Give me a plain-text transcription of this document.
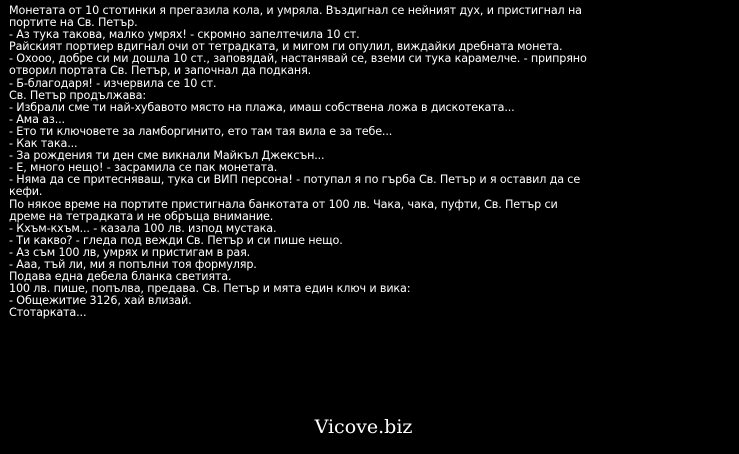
Монетата от 10 стотинки я прегазила кола, и умряла. Въздигнал се нейният дух, и пристигнал на портите на Св. Петър.
- Аз тука такова, малко умрях! - скромно запелтечила 10 ст.
Райският портиер вдигнал очи от тетрадката, и мигом ги опулил, виждайки дребната монета.
- Охооо, добре си ми дошла 10 ст., заповядай, настанявай се, вземи си тука карамелче. - припряно отворил портата Св. Петър, и започнал да подканя.
- Б-благодаря! - изчервила се 10 ст.
Св. Петър продължава:
- Избрали сме ти най-хубавото място на плажа, имаш собствена ложа в дискотеката...
- Ама аз...
- Ето ти ключовете за ламборгинито, ето там тая вила е за тебе...
- Как така...
- За рождения ти ден сме викнали Майкъл Джексън...
- Е, много нещо! - засрамила се пак монетата.
- Няма да се притесняваш, тука си ВИП персона! - потупал я по гърба Св. Петър и я оставил да се кефи.
По някое време на портите пристигнала банкотата от 100 лв. Чака, чака, пуфти, Св. Петър си дреме на тетрадката и не обръща внимание.
- Кхъм-кхъм... - казала 100 лв. изпод мустака.
- Ти какво? - гледа под вежди Св. Петър и си пише нещо.
- Аз съм 100 лв, умрях и пристигам в рая.
- Ааа, тъй ли, ми я попълни тоя формуляр.
Подава една дебела бланка светията.
100 лв. пише, попълва, предава. Св. Петър и мята един ключ и вика:
- Общежитие 3126, хай влизай.
Стотарката...
Vicove.biz
